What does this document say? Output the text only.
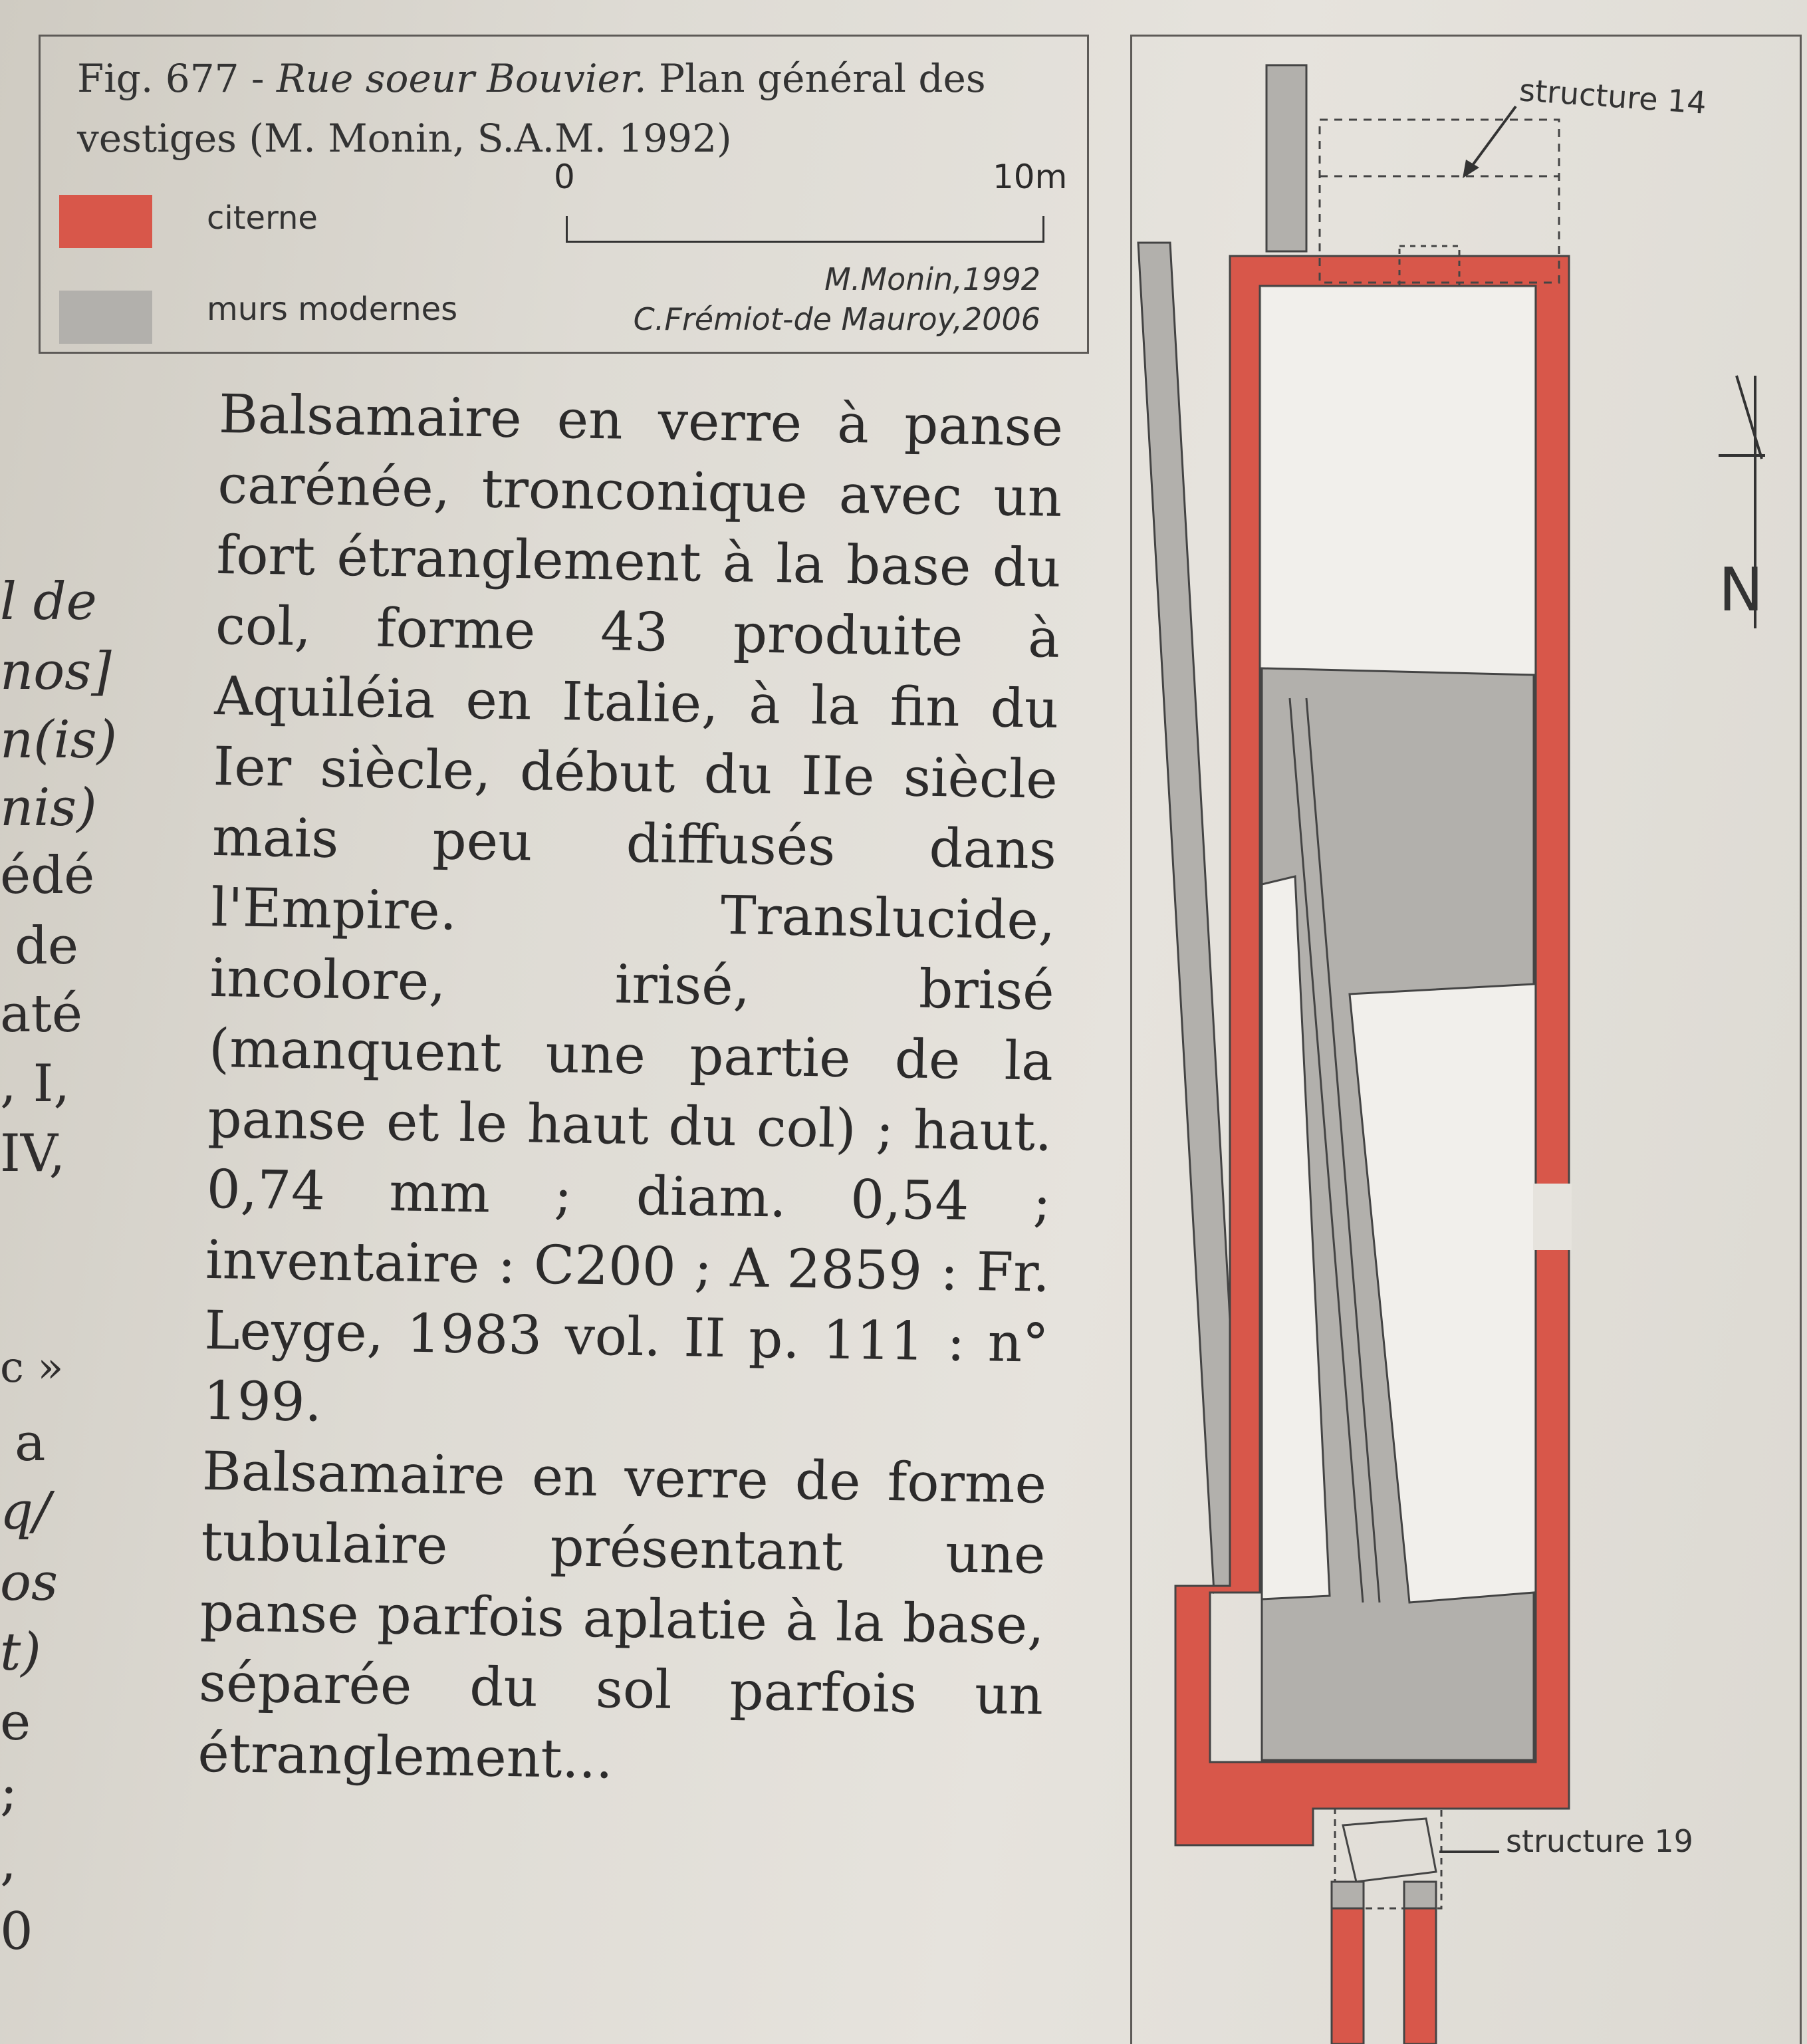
l de
nos]
n(is)
nis)
édé
de
até
, I,
IV,
c »
a
q/
os
t)
e
;
,
0
Fig. 677 - Rue soeur Bouvier. Plan général des vestiges (M. Monin, S.A.M. 1992)
citerne
murs modernes
0	10m
M.Monin,1992
C.Frémiot-de Mauroy,2006

Balsamaire en verre à panse carénée, tronconique avec un fort étranglement à la base du col, forme 43 produite à Aquiléia en Italie, à la fin du Ier siècle, début du IIe siècle mais peu diffusés dans l'Empire. Translucide, incolore, irisé, brisé (manquent une partie de la panse et le haut du col) ; haut. 0,74 mm ; diam. 0,54 ; inventaire : C200 ; A 2859 : Fr. Leyge, 1983 vol. II p. 111 : n° 199.

Balsamaire en verre de forme tubulaire présentant une panse parfois aplatie à la base, séparée du sol parfois un étranglement...

structure 14
structure 19
N
